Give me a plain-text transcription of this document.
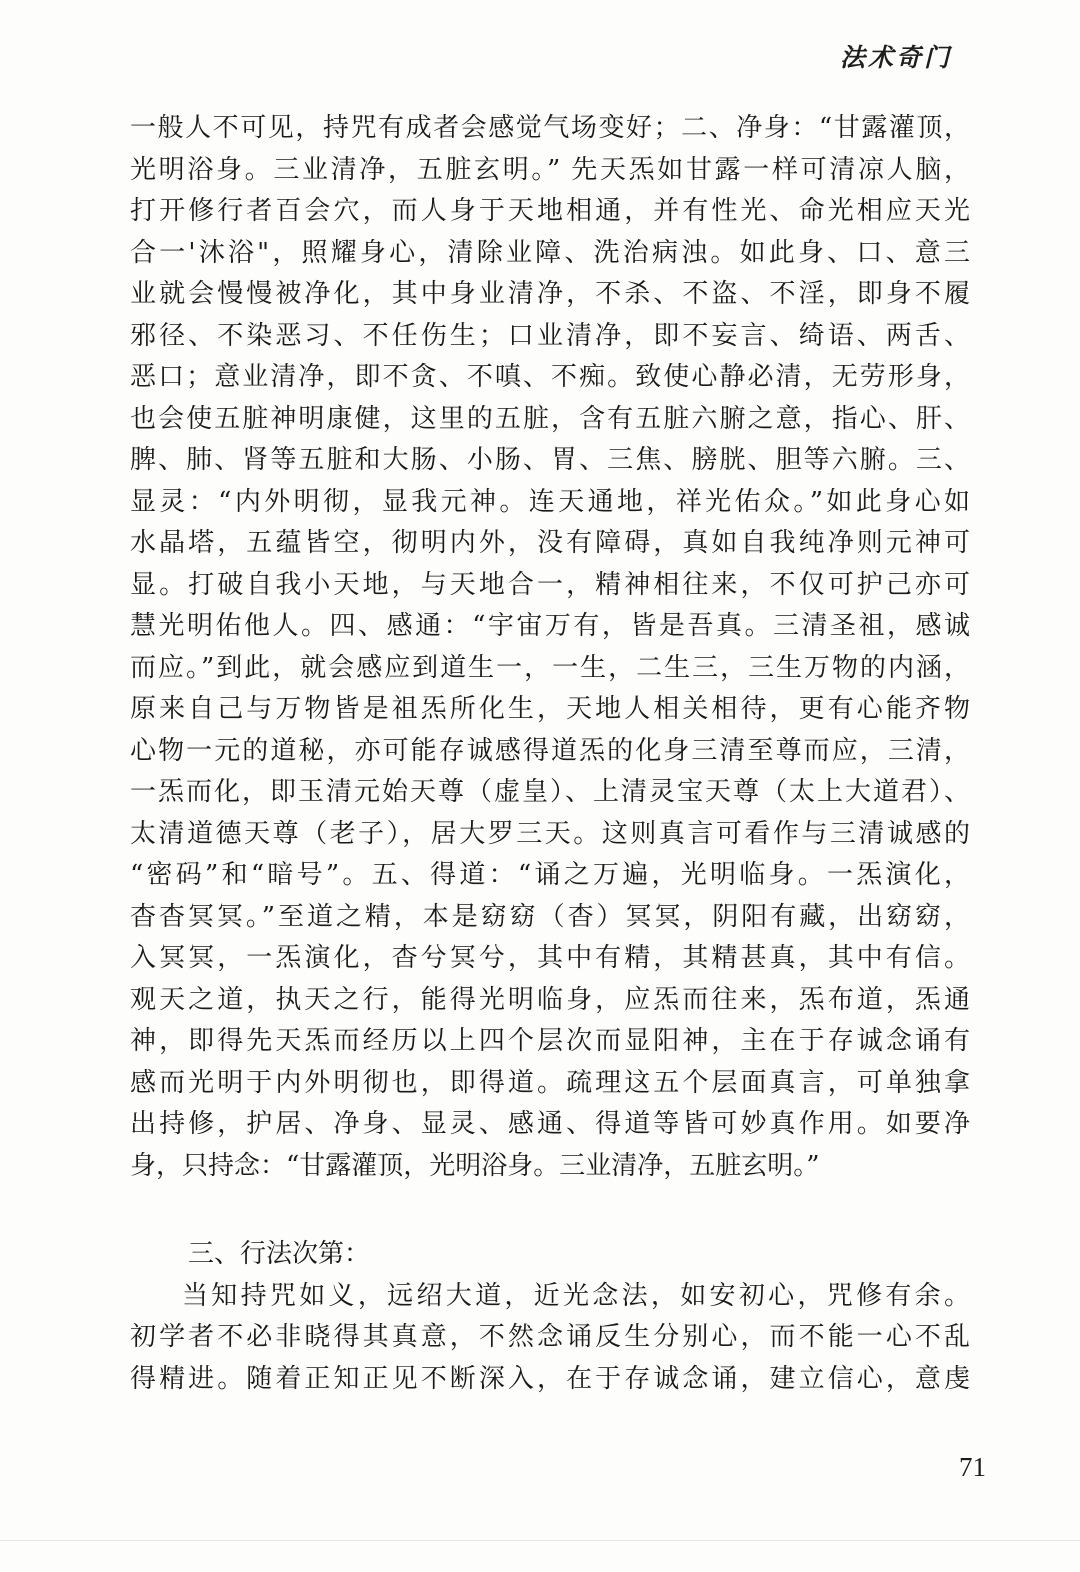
法术奇门
一般人不可见，持咒有成者会感觉气场变好；二、净身：“甘露灌顶，
光明浴身。三业清净，五脏玄明。” 先天炁如甘露一样可清凉人脑，
打开修行者百会穴，而人身于天地相通，并有性光、命光相应天光
合一'沐浴"，照耀身心，清除业障、洗治病浊。如此身、口、意三
业就会慢慢被净化，其中身业清净，不杀、不盗、不淫，即身不履
邪径、不染恶习、不任伤生；口业清净，即不妄言、绮语、两舌、
恶口；意业清净，即不贪、不嗔、不痴。致使心静必清，无劳形身，
也会使五脏神明康健，这里的五脏，含有五脏六腑之意，指心、肝、
脾、肺、肾等五脏和大肠、小肠、胃、三焦、膀胱、胆等六腑。三、
显灵：“内外明彻，显我元神。连天通地，祥光佑众。”如此身心如
水晶塔，五蕴皆空，彻明内外，没有障碍，真如自我纯净则元神可
显。打破自我小天地，与天地合一，精神相往来，不仅可护己亦可
慧光明佑他人。四、感通：“宇宙万有，皆是吾真。三清圣祖，感诚
而应。”到此，就会感应到道生一，一生，二生三，三生万物的内涵，
原来自己与万物皆是祖炁所化生，天地人相关相待，更有心能齐物
心物一元的道秘，亦可能存诚感得道炁的化身三清至尊而应，三清，
一炁而化，即玉清元始天尊（虚皇）、上清灵宝天尊（太上大道君）、
太清道德天尊（老子），居大罗三天。这则真言可看作与三清诚感的
“密码”和“暗号”。五、得道：“诵之万遍，光明临身。一炁演化，
杳杳冥冥。”至道之精，本是窈窈（杳）冥冥，阴阳有藏，出窈窈，
入冥冥，一炁演化，杳兮冥兮，其中有精，其精甚真，其中有信。
观天之道，执天之行，能得光明临身，应炁而往来，炁布道，炁通
神，即得先天炁而经历以上四个层次而显阳神，主在于存诚念诵有
感而光明于内外明彻也，即得道。疏理这五个层面真言，可单独拿
出持修，护居、净身、显灵、感通、得道等皆可妙真作用。如要净
身，只持念：“甘露灌顶，光明浴身。三业清净，五脏玄明。”
三、行法次第：
当知持咒如义，远绍大道，近光念法，如安初心，咒修有余。
初学者不必非晓得其真意，不然念诵反生分别心，而不能一心不乱
得精进。随着正知正见不断深入，在于存诚念诵，建立信心，意虔
71
